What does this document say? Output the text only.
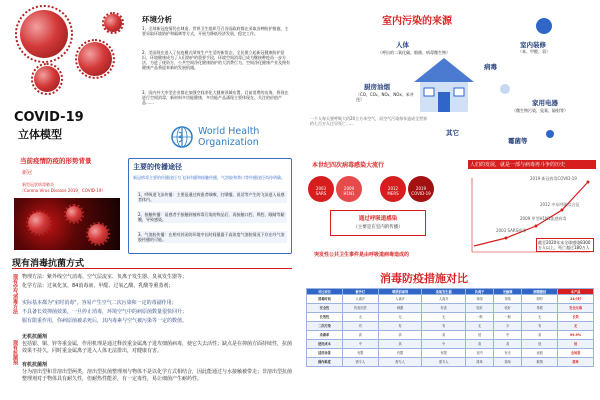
COVID-19
立体模型
环境分析
1、全球新冠疫情仍在肆虐，世界卫生组织号召各国政府都在采取各种防护措施，主要采取环境防护和隔离等方式，开展为降低经济发展、稳定工作。
2、美国现在进入了抗疫模式绩效生产生活的新常态，全民建立起新冠健康防护意识，环境健康成为了人们防护的重要手段，环境空间消毒已成为继接种疫苗一步方法，为进了使资方，公共空间净化健康防护的大消费行为，空间净化健康产业及拥有健康产品将迎来新的发展机遇。
3、国内外大中型企业都在加强空间净化大健康领域布置，目前消费的出海，将现在进行空间消毒，新材料多功能健康，多功能产品涌现主要体现在、关注的价值产品……
World Health
Organization
当前疫情防疫的形势背景
新冠
新型冠状病毒肺炎
（Corona Virus Disease 2019，COVID-19）
主要的传播途径
新冠病毒主要的传播途径为飞沫传播和接触传播，气溶胶和粪口等传播途径尚待明确。
1、呼吸道飞沫传播：主要是通过病患者咳嗽、打喷嚏、说话等产生的飞沫进入易感者体内。
2、接触传播：易感者手接触到被病毒污染的物品后，再接触口腔、鼻腔、眼睛等黏膜，导致感染。
3、气溶胶传播：在相对封闭的环境中长时间暴露于高浓度气溶胶情况下存在经气溶胶传播的可能。
现有消毒抗菌方式
现有空气消毒方法 物理方法：紫外线空气消毒、空气层流室、负离子发生器、臭氧发生器等；
化学方法：过氧化氢、84消毒液、甲醛、过氧乙酸、乳酸等熏蒸剂；
实际基本都为"室时消毒"，容易产生空气二次污染和一定的毒副作用；
不具备长效抑菌效果，一旦停止消毒，环境空气中的病原菌数量很快回升；
服有限重作用，你病原菌被杀死后，其内毒素与空气被污染等一定的数值。
现有抗菌剂
无机抗菌剂
包括银、铜、锌等重金属，作用机理是通过释放重金属离子进攻细菌病毒，使它失去活性；缺点是在抑菌方面持续性，抗菌效果不持久，同时重金属离子进入人体无法排出，对健康有害。
有机抗菌剂
分为溶出型和非溶出型两类，溶出型抗菌整理剂与物体不是以化学方式相结合，因此能通过与水接触被带走；非溶出型抗菌整理剂对于物体具有耐久性，但耐热性能差，有一定毒性，易让细菌产生耐药性。
室内污染的来源
人体
（呼出的二氧化碳、细菌、病毒微生物）
室内装修
（苯、甲醛、氡）
病毒
厨房油烟
（CO、CO₂、NO₂、NOx、苯并芘）	家用电器
（微生物污染、臭氧、辐射等）
霉菌等
其它
一个人每天要呼吸大约20立方米空气，而空气污染每年造成全世界约七百万人过早死亡……
本世纪四次病毒感染大流行
2003 SARS
2009 H1N1
2012 MERS
2019 COVID-19
通过呼吸道感染
（主要是在室内的传播）
突发性公共卫生事件是由呼吸道病毒造成的
人们的发展，就是一部与病毒再斗争的历史
2003 SARS病毒
2009 甲型H1N1流感病毒
2012 中东呼吸综合征
2019 新冠病毒COVID-19
截至2020年末全球感染8300万人以上，死亡超过180万人
消毒防疫措施对比
对比项目	紫外灯	喷洒消毒剂	臭氧发生器	负离子	光触媒	酒精擦拭	本产品
消毒时间	人离开	人离开	人离开	持续	持续	即时	24小时
安全性	伤害皮肤	刺激	有害	较好	较好	易燃	安全无毒
长效性	无	无	无	一般	一般	无	长效
二次污染	有	有	有	无	少	有	无
杀菌率	高	高	高	低	中	高	99.9%
使用成本	中	高	中	高	高	低	低
适用场景	有限	有限	有限	室内	有光	表面	全场景
操作难度	需专人	需专人	需专人	简单	简单	繁琐	简单
